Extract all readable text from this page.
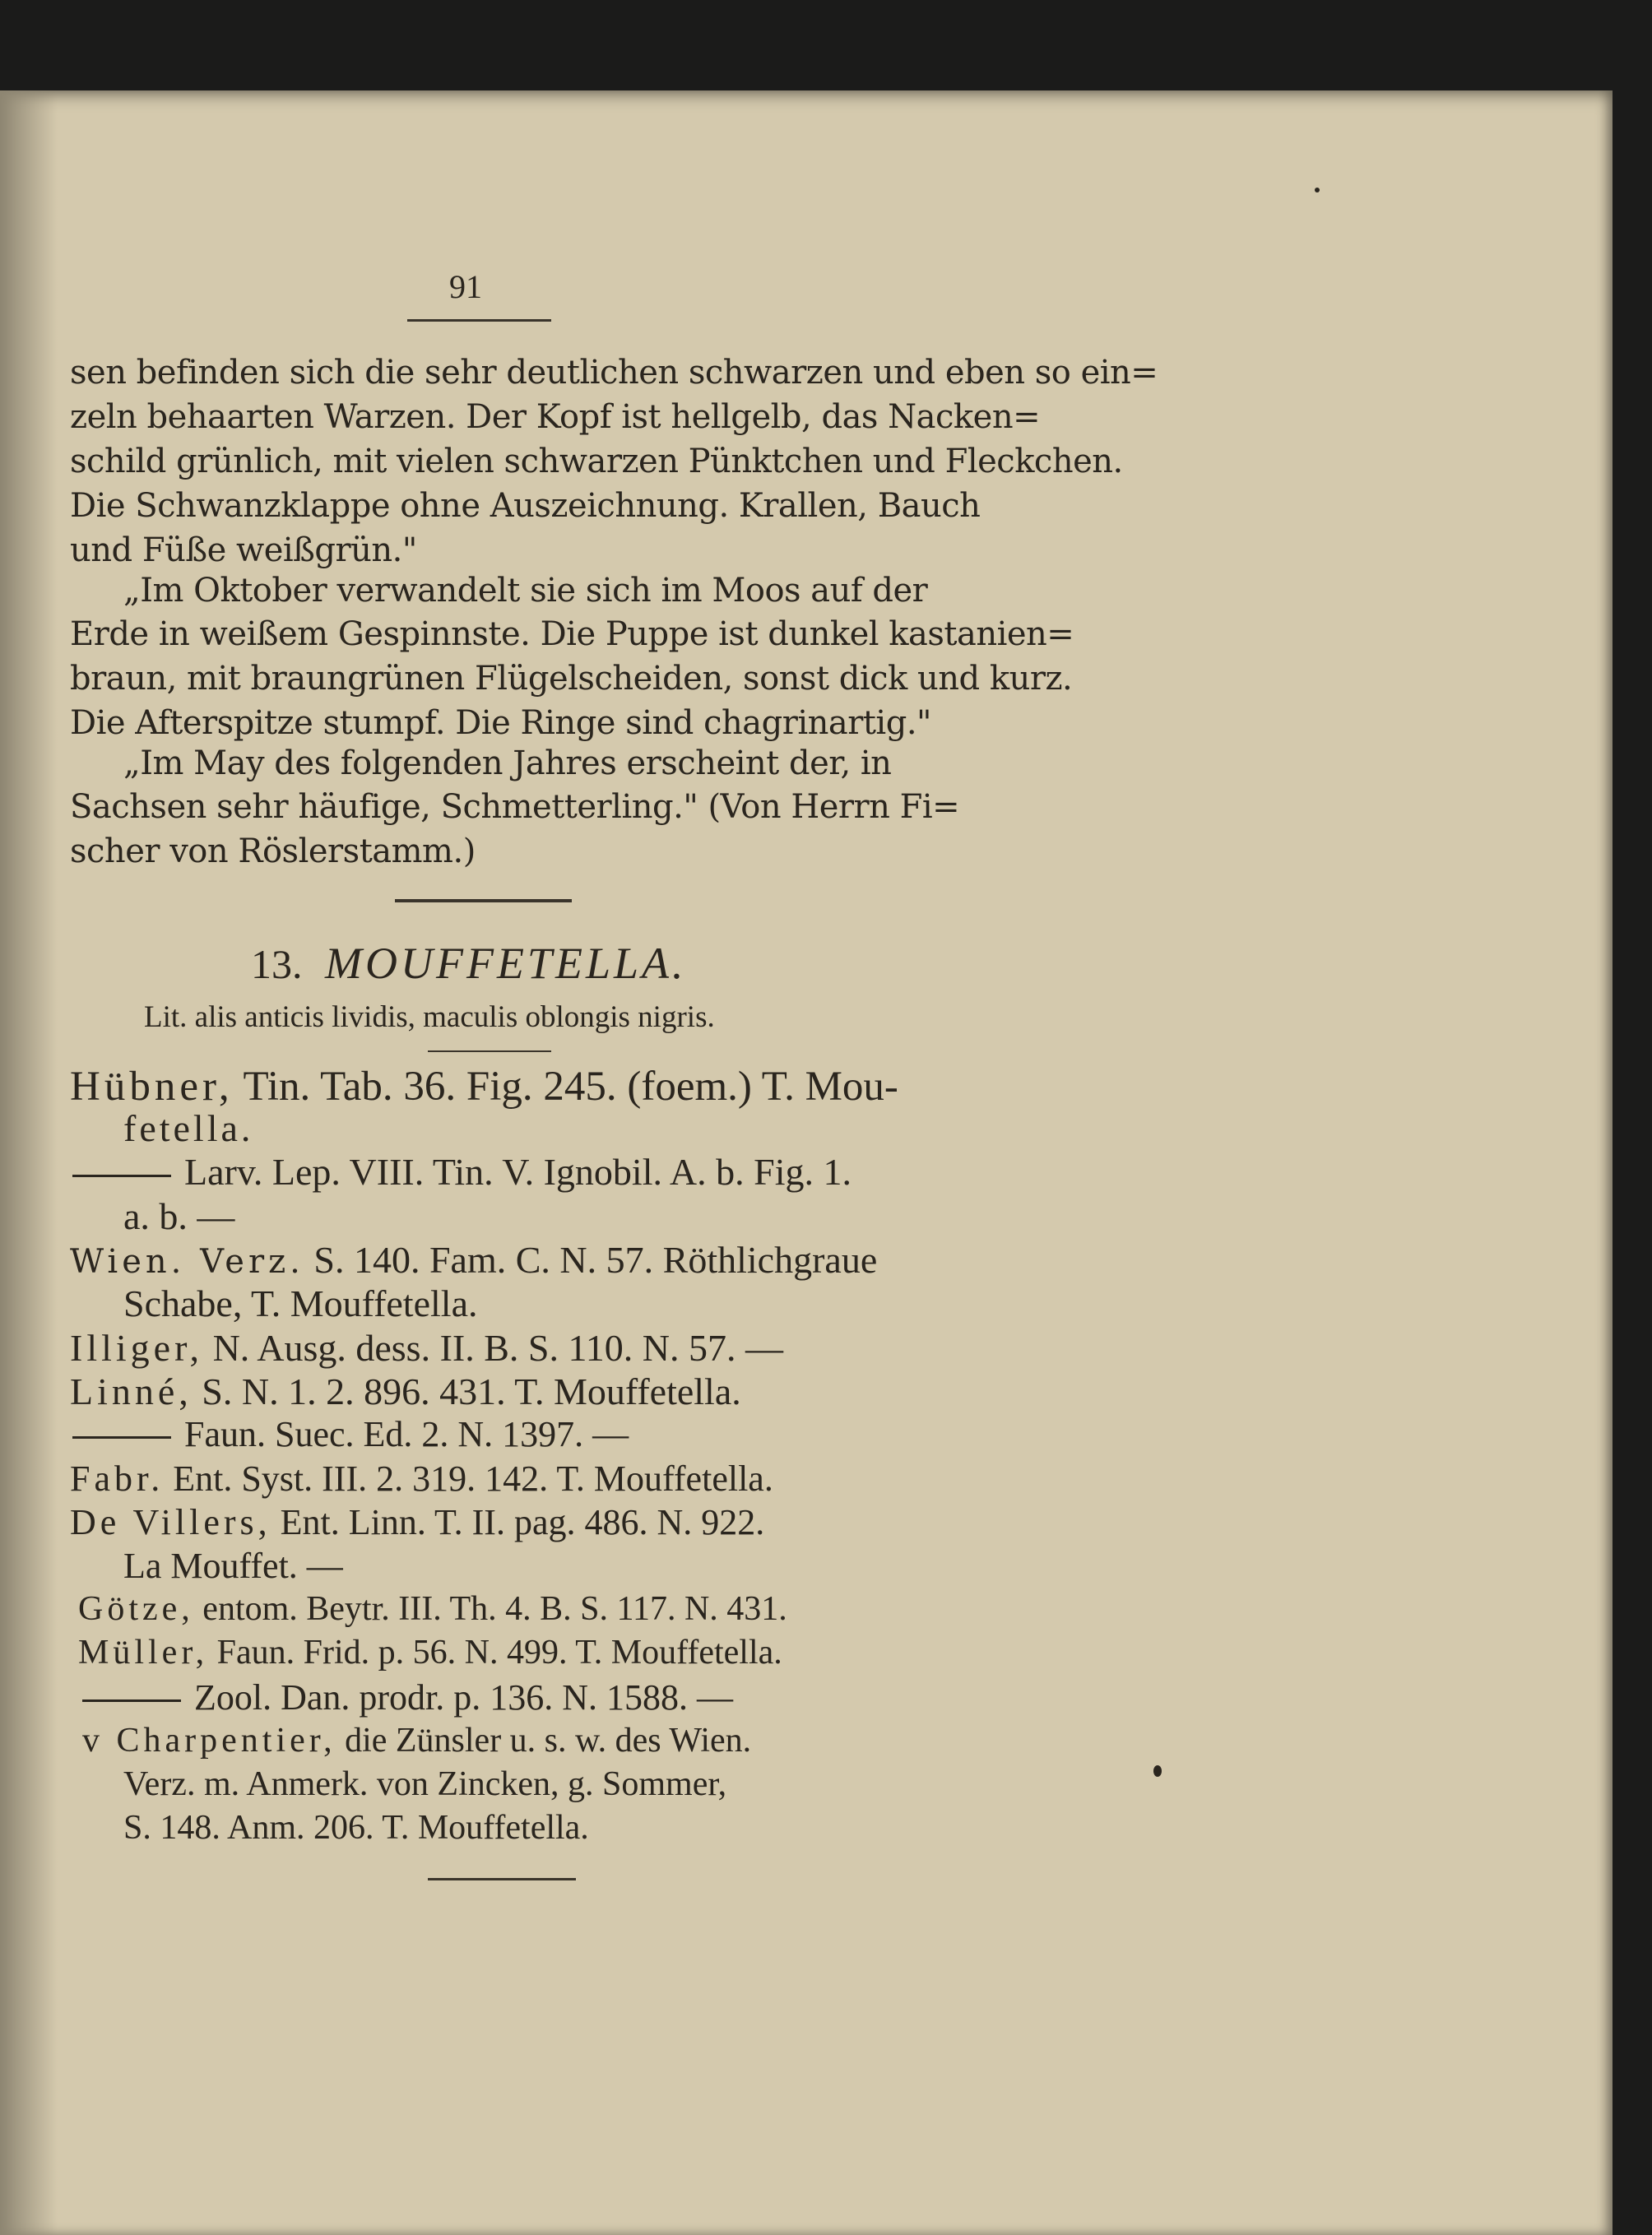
91
sen befinden sich die sehr deutlichen schwarzen und eben so ein=
zeln behaarten Warzen. Der Kopf ist hellgelb, das Nacken=
schild grünlich, mit vielen schwarzen Pünktchen und Fleckchen.
Die Schwanzklappe ohne Auszeichnung. Krallen, Bauch
und Füße weißgrün."
„Im Oktober verwandelt sie sich im Moos auf der
Erde in weißem Gespinnste. Die Puppe ist dunkel kastanien=
braun, mit braungrünen Flügelscheiden, sonst dick und kurz.
Die Afterspitze stumpf. Die Ringe sind chagrinartig."
„Im May des folgenden Jahres erscheint der, in
Sachsen sehr häufige, Schmetterling." (Von Herrn Fi=
scher von Röslerstamm.)
13. MOUFFETELLA.
Lit. alis anticis lividis, maculis oblongis nigris.
Hübner, Tin. Tab. 36. Fig. 245. (foem.) T. Mou-
fetella.
Larv. Lep. VIII. Tin. V. Ignobil. A. b. Fig. 1.
a. b. —
Wien. Verz. S. 140. Fam. C. N. 57. Röthlichgraue
Schabe, T. Mouffetella.
Illiger, N. Ausg. dess. II. B. S. 110. N. 57. —
Linné, S. N. 1. 2. 896. 431. T. Mouffetella.
Faun. Suec. Ed. 2. N. 1397. —
Fabr. Ent. Syst. III. 2. 319. 142. T. Mouffetella.
De Villers, Ent. Linn. T. II. pag. 486. N. 922.
La Mouffet. —
Götze, entom. Beytr. III. Th. 4. B. S. 117. N. 431.
Müller, Faun. Frid. p. 56. N. 499. T. Mouffetella.
Zool. Dan. prodr. p. 136. N. 1588. —
v Charpentier, die Zünsler u. s. w. des Wien.
Verz. m. Anmerk. von Zincken, g. Sommer,
S. 148. Anm. 206. T. Mouffetella.
